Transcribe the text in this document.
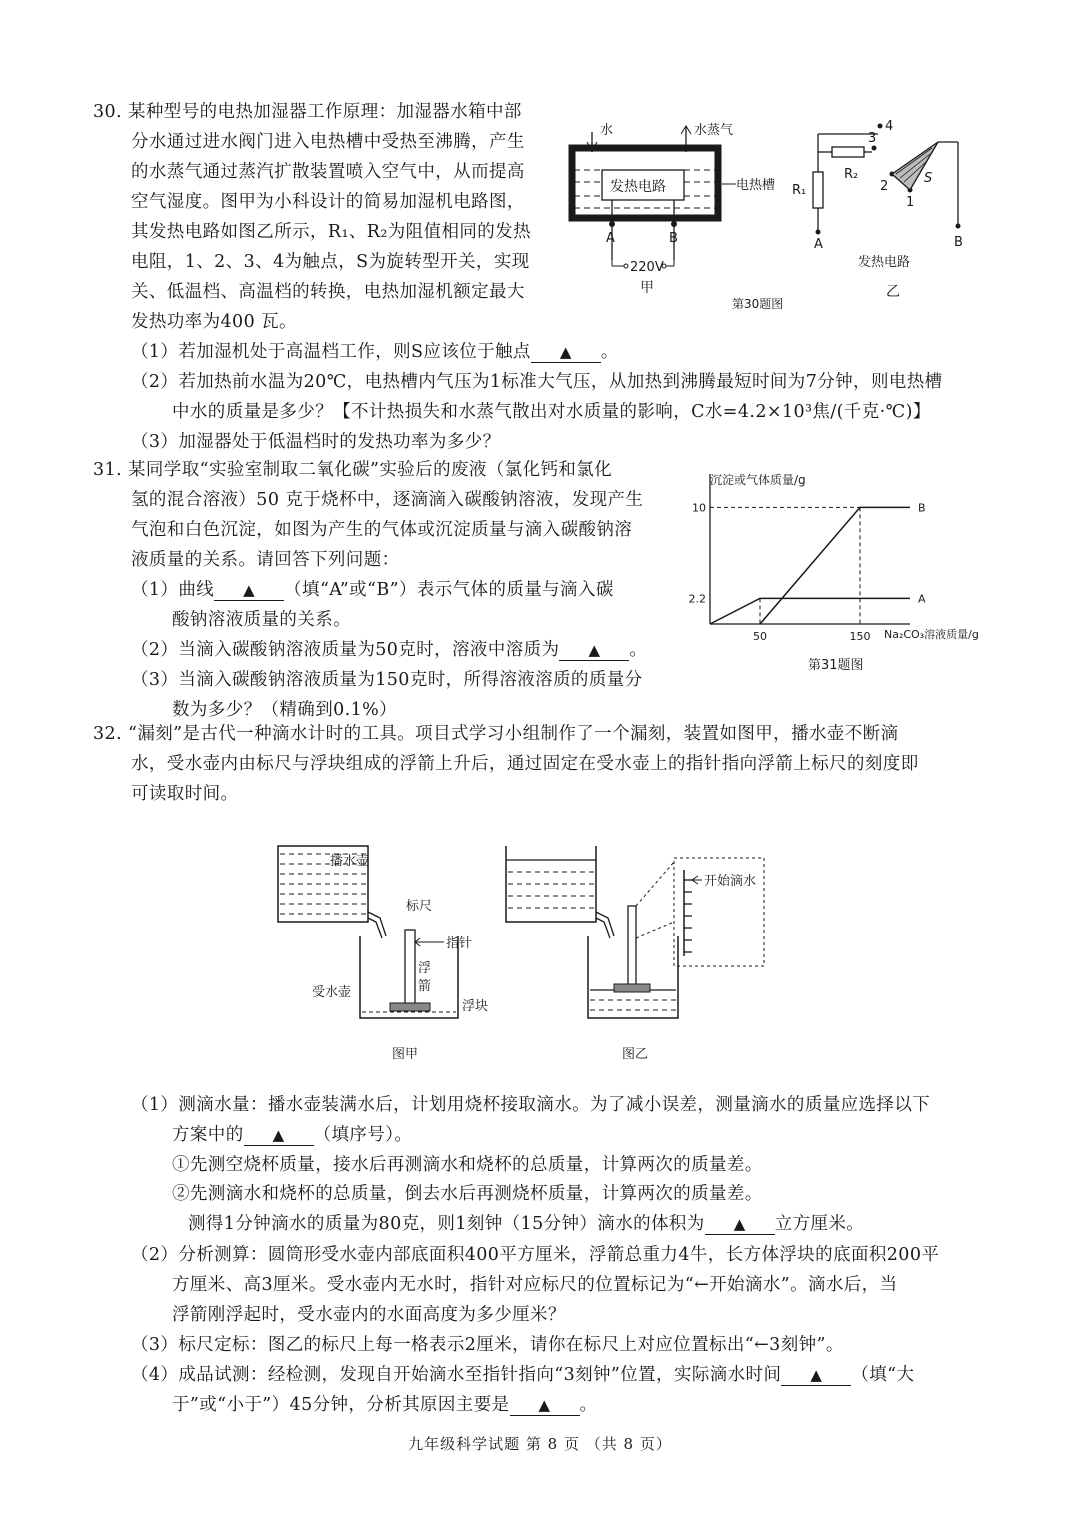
30. 某种型号的电热加湿器工作原理：加湿器水箱中部
分水通过进水阀门进入电热槽中受热至沸腾，产生
的水蒸气通过蒸汽扩散装置喷入空气中，从而提高
空气湿度。图甲为小科设计的简易加湿机电路图，
其发热电路如图乙所示，R₁、R₂为阻值相同的发热
电阻，1、2、3、4为触点，S为旋转型开关，实现
关、低温档、高温档的转换，电热加湿机额定最大
发热功率为400 瓦。
（1）若加湿机处于高温档工作，则S应该位于触点 ▲ 。
（2）若加热前水温为20℃，电热槽内气压为1标准大气压，从加热到沸腾最短时间为7分钟，则电热槽
中水的质量是多少？【不计热损失和水蒸气散出对水质量的影响，C水=4.2×10³焦/(千克·℃)】
（3）加湿器处于低温档时的发热功率为多少？
发热电路
水	水蒸气
电热槽
A	B
220V
甲
4
R₁
A
3
R₂
2
1
S
B
发热电路
乙
第30题图
31. 某同学取“实验室制取二氧化碳”实验后的废液（氯化钙和氯化
氢的混合溶液）50 克于烧杯中，逐滴滴入碳酸钠溶液，发现产生
气泡和白色沉淀，如图为产生的气体或沉淀质量与滴入碳酸钠溶
液质量的关系。请回答下列问题：
（1）曲线 ▲ （填“A”或“B”）表示气体的质量与滴入碳
酸钠溶液质量的关系。
（2）当滴入碳酸钠溶液质量为50克时，溶液中溶质为 ▲ 。
（3）当滴入碳酸钠溶液质量为150克时，所得溶液溶质的质量分
数为多少？（精确到0.1%）
沉淀或气体质量/g
Na₂CO₃溶液质量/g
2.2
10
50	150
A
B
第31题图
32. “漏刻”是古代一种滴水计时的工具。项目式学习小组制作了一个漏刻，装置如图甲，播水壶不断滴
水，受水壶内由标尺与浮块组成的浮箭上升后，通过固定在受水壶上的指针指向浮箭上标尺的刻度即
可读取时间。
播水壶
标尺
指针
浮
箭
受水壶
浮块
图甲
开始滴水
图乙
（1）测滴水量：播水壶装满水后，计划用烧杯接取滴水。为了减小误差，测量滴水的质量应选择以下
方案中的 ▲ （填序号）。
①先测空烧杯质量，接水后再测滴水和烧杯的总质量，计算两次的质量差。
②先测滴水和烧杯的总质量，倒去水后再测烧杯质量，计算两次的质量差。
测得1分钟滴水的质量为80克，则1刻钟（15分钟）滴水的体积为 ▲ 立方厘米。
（2）分析测算：圆筒形受水壶内部底面积400平方厘米，浮箭总重力4牛，长方体浮块的底面积200平
方厘米、高3厘米。受水壶内无水时，指针对应标尺的位置标记为“←开始滴水”。滴水后，当
浮箭刚浮起时，受水壶内的水面高度为多少厘米？
（3）标尺定标：图乙的标尺上每一格表示2厘米，请你在标尺上对应位置标出“←3刻钟”。
（4）成品试测：经检测，发现自开始滴水至指针指向“3刻钟”位置，实际滴水时间 ▲ （填“大
于”或“小于”）45分钟，分析其原因主要是 ▲ 。
九年级科学试题 第 8 页 （共 8 页）
